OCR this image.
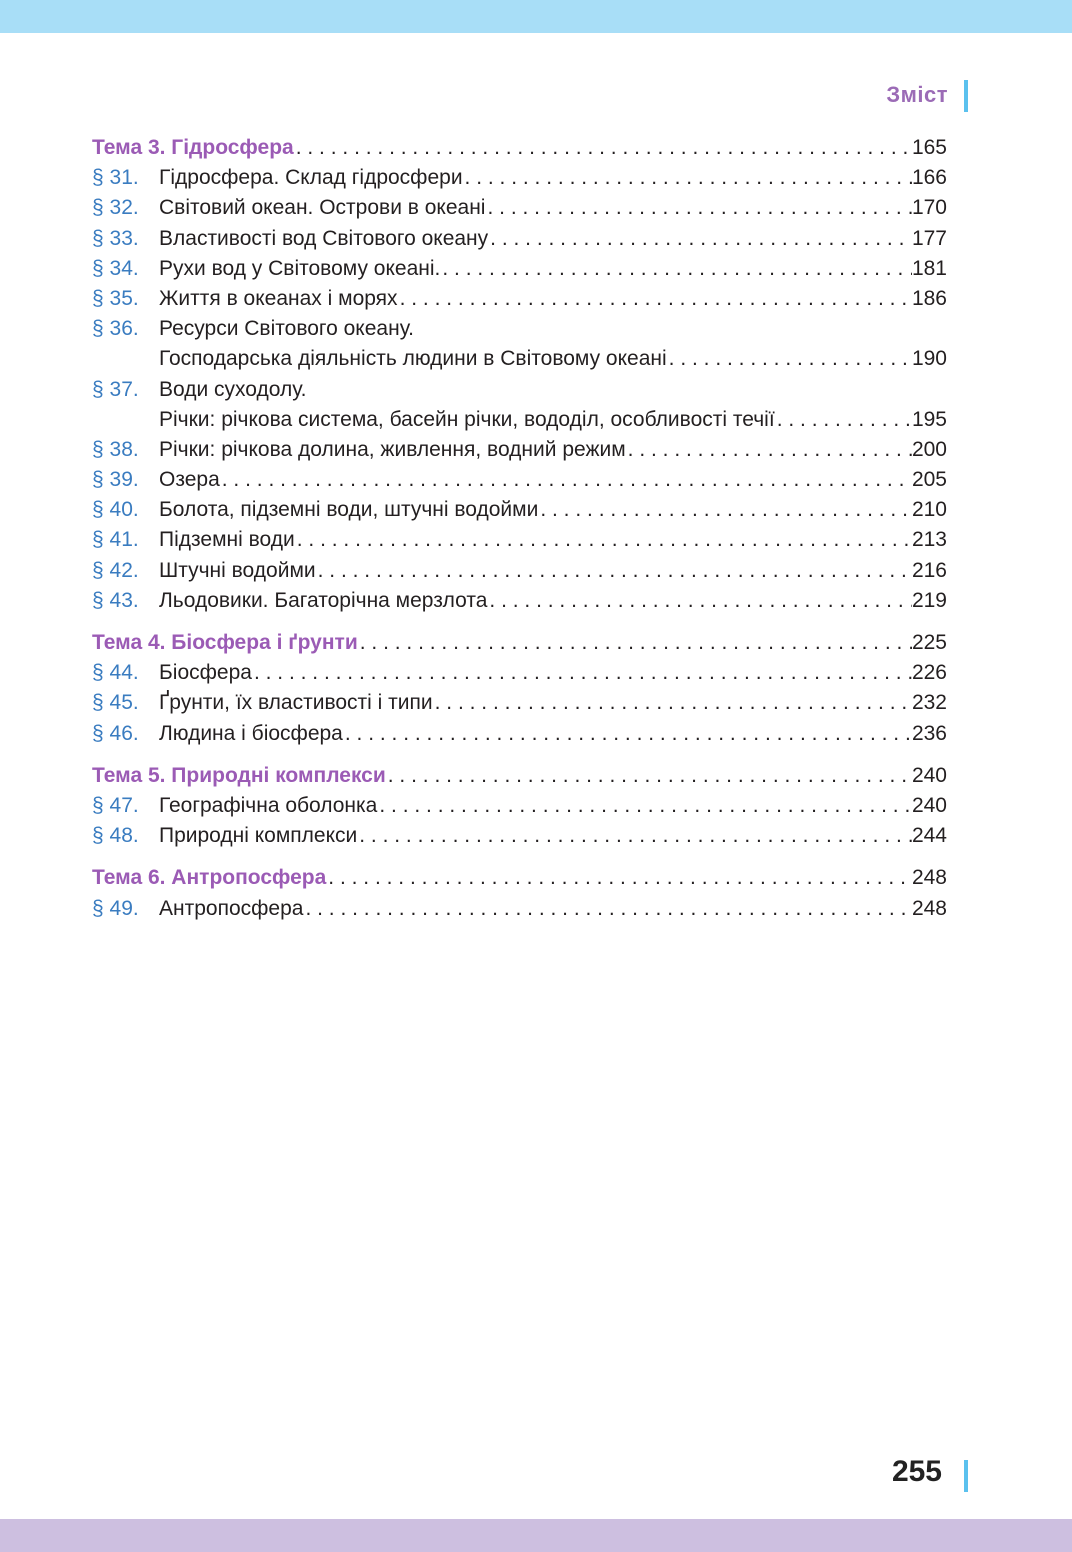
Зміст
Тема 3. Гідросфера . . .	165
§ 31. Гідросфера. Склад гідросфери . . .	166
§ 32. Світовий океан. Острови в океані . . .	170
§ 33. Властивості вод Світового океану . . .	177
§ 34. Рухи вод у Світовому океані. . . .	181
§ 35. Життя в океанах і морях . . .	186
§ 36. Ресурси Світового океану.
Господарська діяльність людини в Світовому океані . . .	190
§ 37. Води суходолу.
Річки: річкова система, басейн річки, вододіл, особливості течії . . .	195
§ 38. Річки: річкова долина, живлення, водний режим . . .	200
§ 39. Озера . . .	205
§ 40. Болота, підземні води, штучні водойми . . .	210
§ 41. Підземні води . . .	213
§ 42. Штучні водойми . . .	216
§ 43. Льодовики. Багаторічна мерзлота . . .	219
Тема 4. Біосфера і ґрунти . . .	225
§ 44. Біосфера . . .	226
§ 45. Ґрунти, їх властивості і типи . . .	232
§ 46. Людина і біосфера . . .	236
Тема 5. Природні комплекси . . .	240
§ 47. Географічна оболонка . . .	240
§ 48. Природні комплекси . . .	244
Тема 6. Антропосфера . . .	248
§ 49. Антропосфера . . .	248
255
